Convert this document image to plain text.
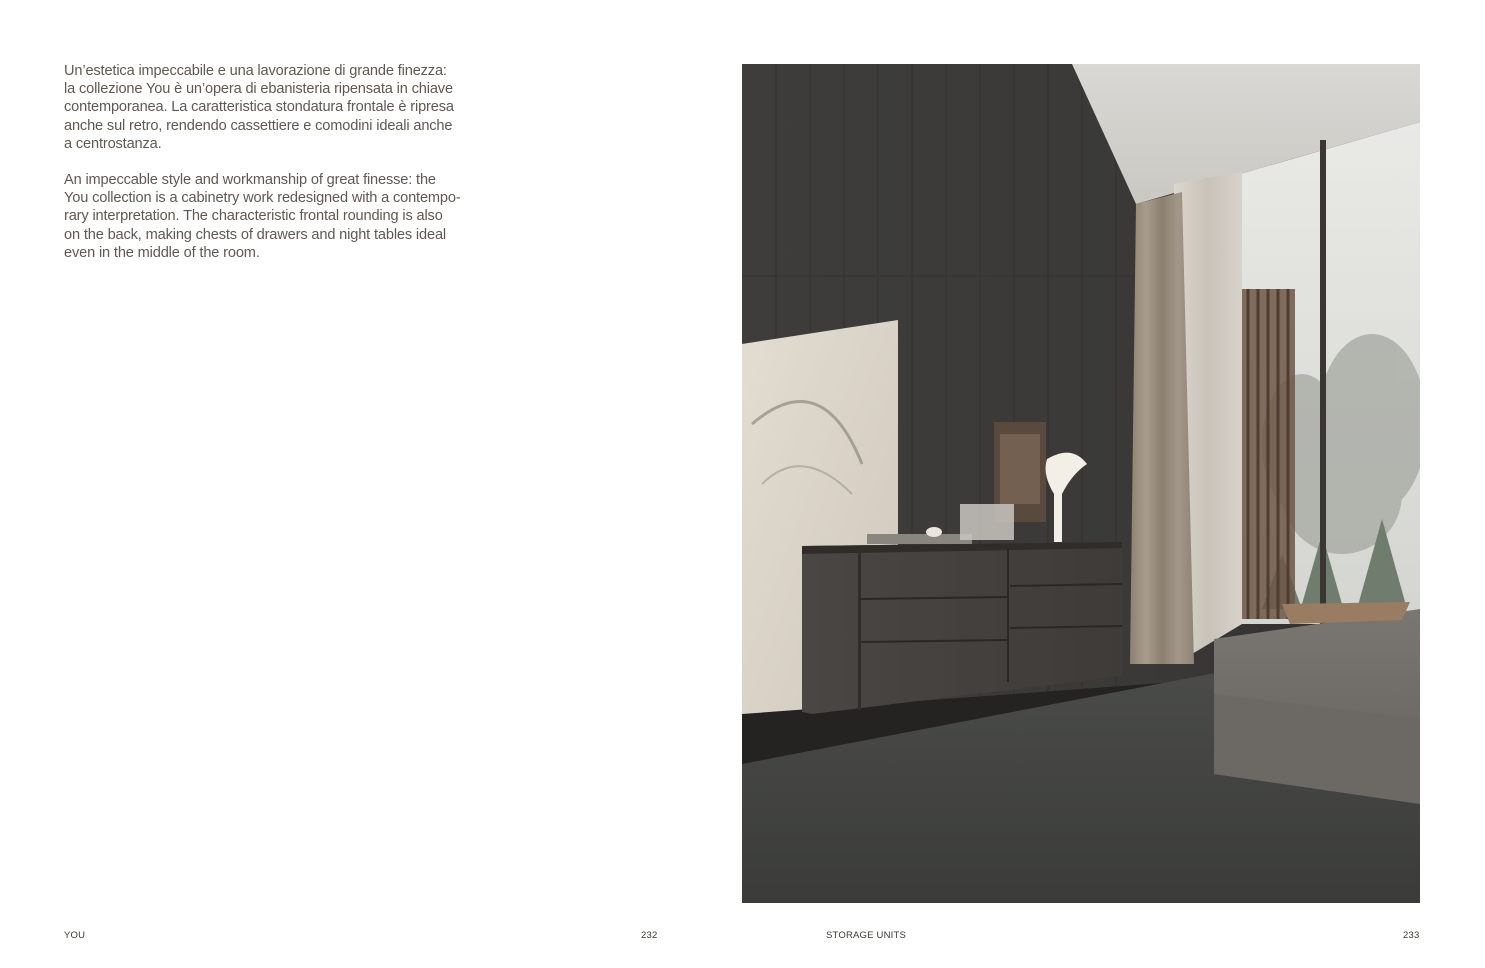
Un’estetica impeccabile e una lavorazione di grande finezza:
la collezione You è un’opera di ebanisteria ripensata in chiave
contemporanea. La caratteristica stondatura frontale è ripresa
anche sul retro, rendendo cassettiere e comodini ideali anche
a centrostanza.

An impeccable style and workmanship of great finesse: the
You collection is a cabinetry work redesigned with a contempo-
rary interpretation. The characteristic frontal rounding is also
on the back, making chests of drawers and night tables ideal
even in the middle of the room.

YOU	232	STORAGE UNITS	233
